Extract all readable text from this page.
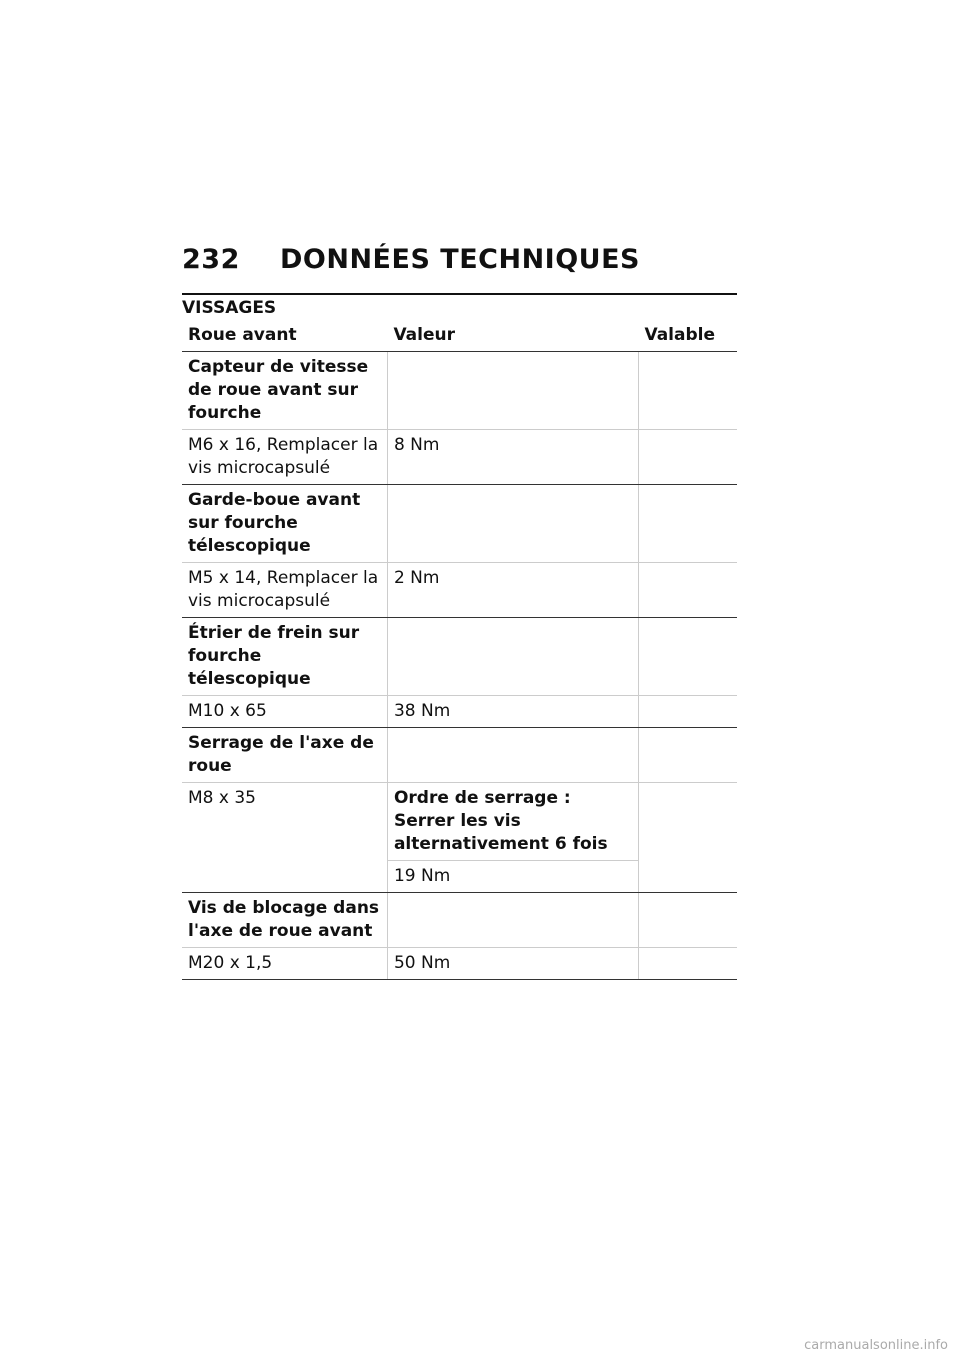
232 DONNÉES TECHNIQUES
VISSAGES
Roue avant	Valeur	Valable
Capteur de vitesse de roue avant sur fourche		
M6 x 16, Remplacer la vis microcapsulé	8 Nm	
Garde-boue avant sur fourche télescopique		
M5 x 14, Remplacer la vis microcapsulé	2 Nm	
Étrier de frein sur fourche télescopique		
M10 x 65	38 Nm	
Serrage de l'axe de roue		
M8 x 35	Ordre de serrage : Serrer les vis alternativement 6 fois	
	19 Nm	
Vis de blocage dans l'axe de roue avant		
M20 x 1,5	50 Nm	
carmanualsonline.info
